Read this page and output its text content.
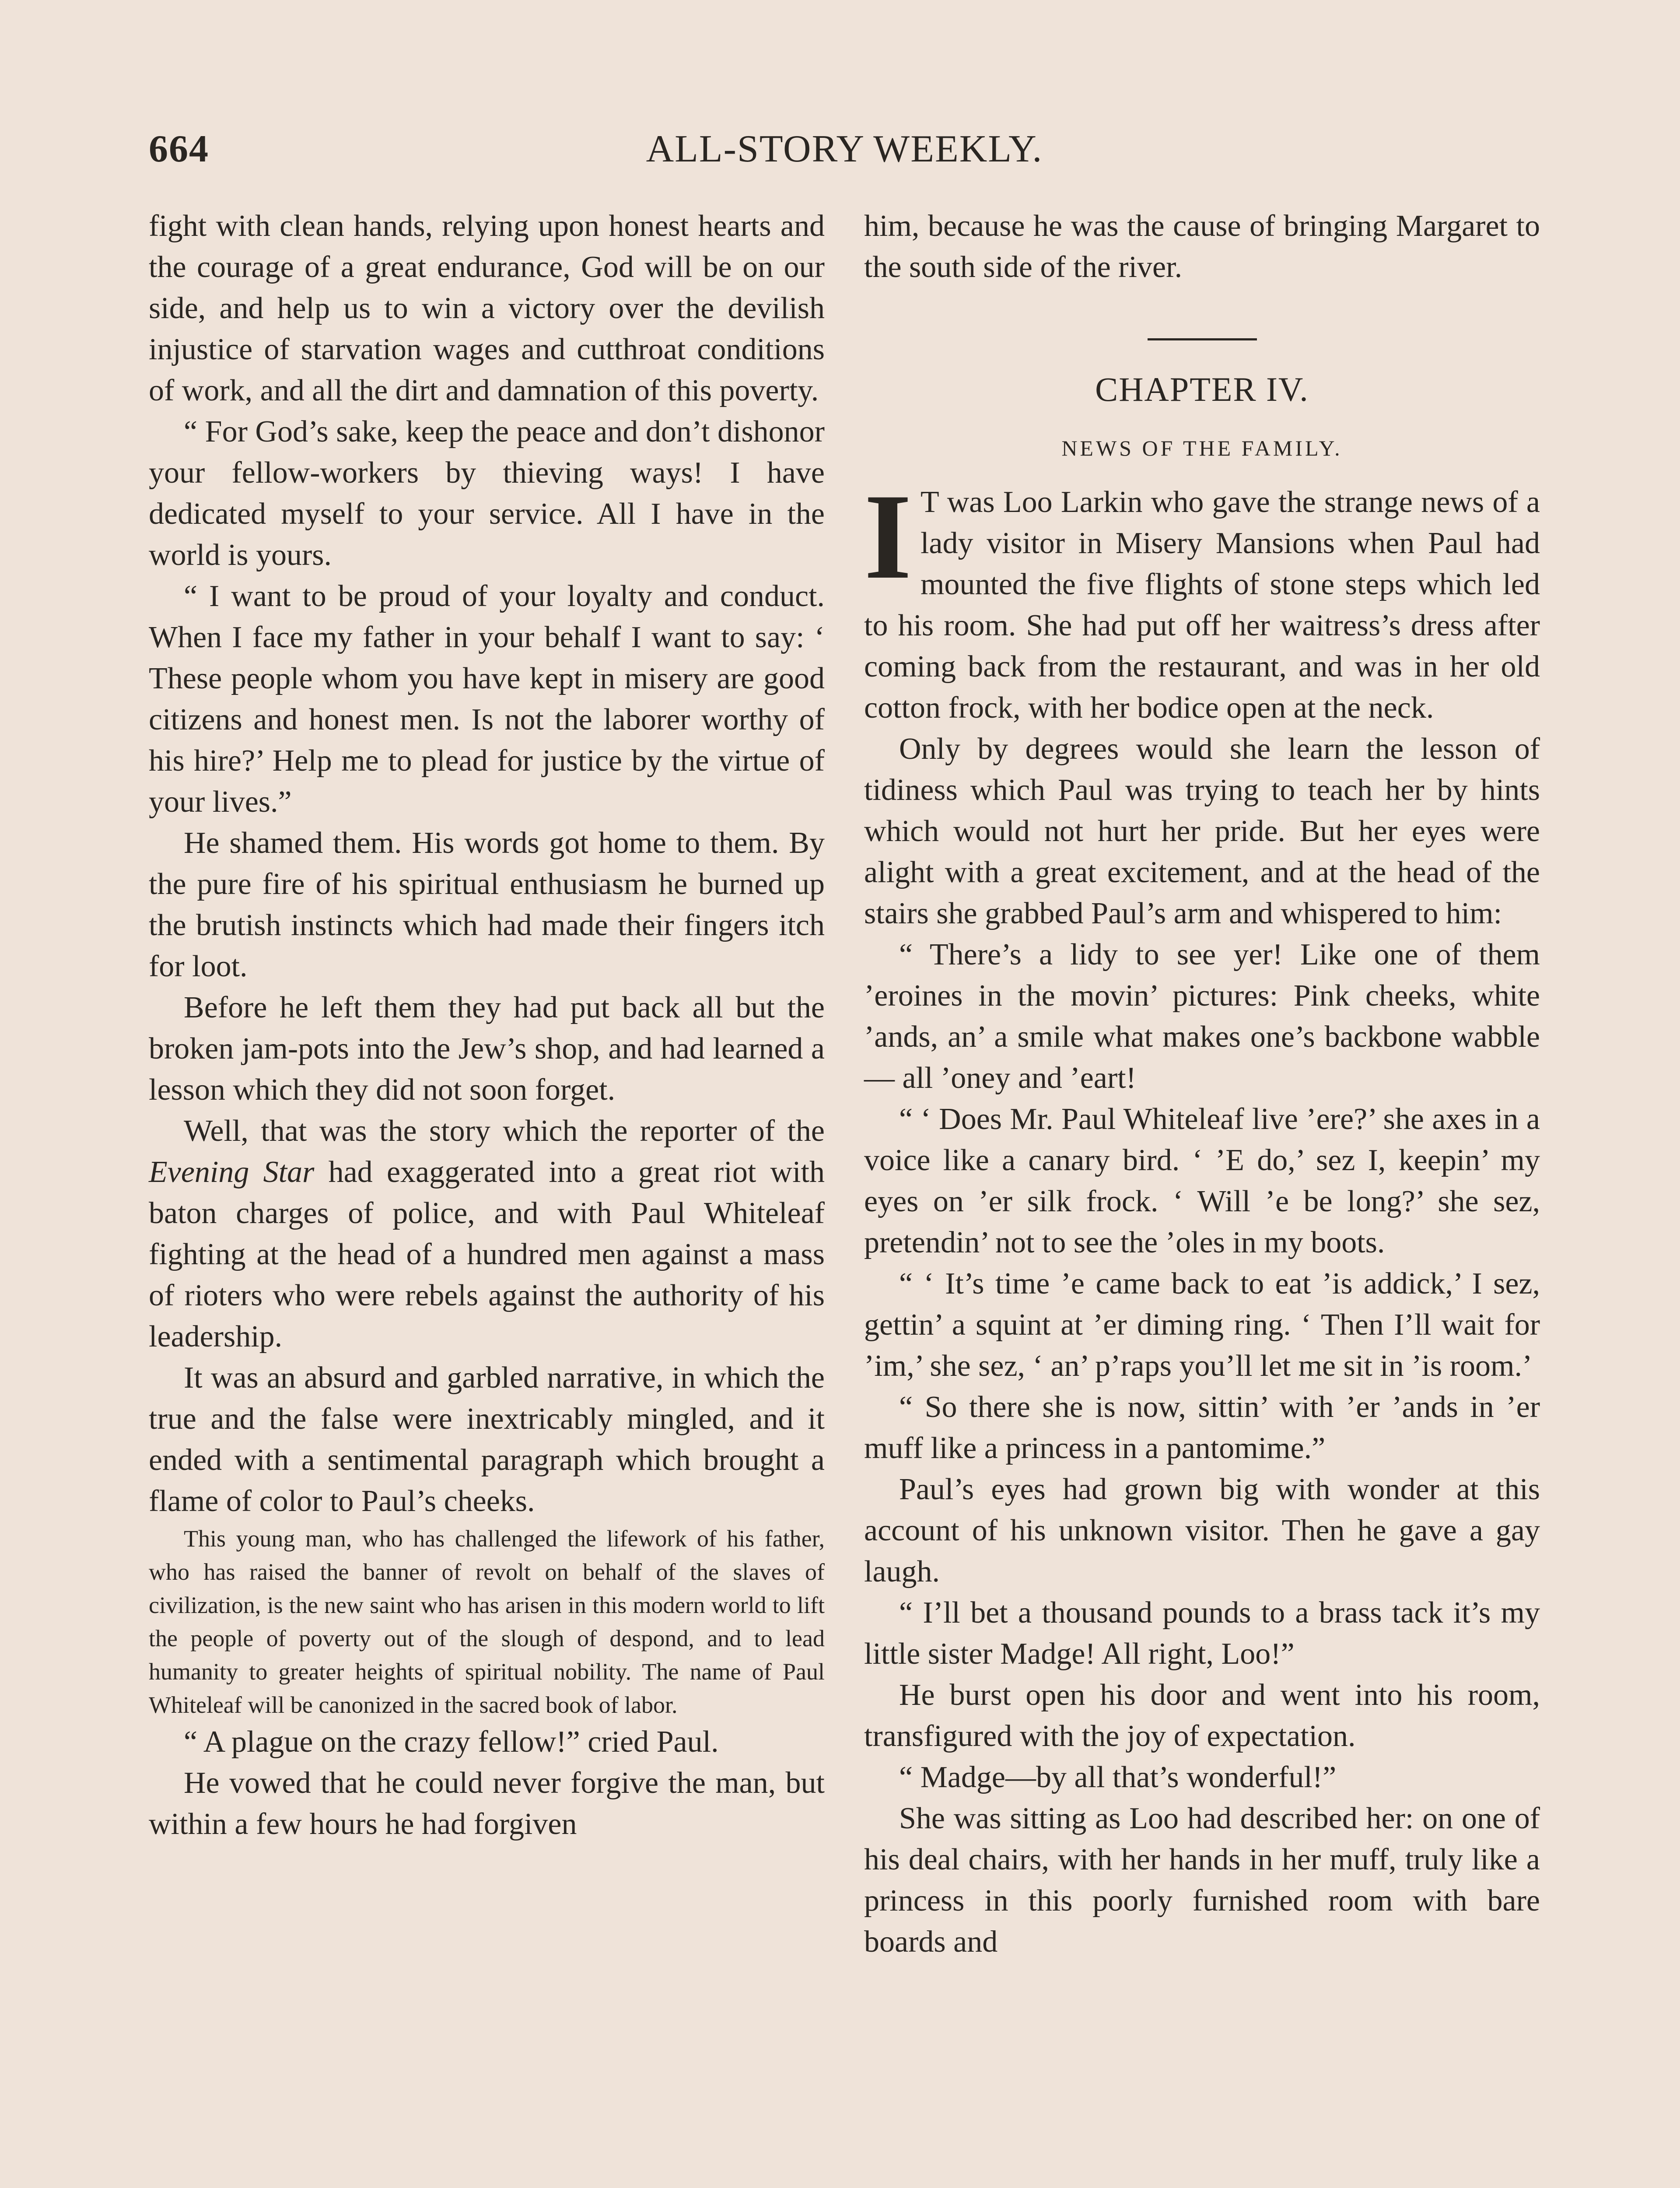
664	ALL-STORY WEEKLY.

fight with clean hands, relying upon honest hearts and the courage of a great endurance, God will be on our side, and help us to win a victory over the devilish injustice of starvation wages and cutthroat conditions of work, and all the dirt and damnation of this poverty.

“ For God’s sake, keep the peace and don’t dishonor your fellow-workers by thieving ways! I have dedicated myself to your service. All I have in the world is yours.

“ I want to be proud of your loyalty and conduct. When I face my father in your behalf I want to say: ‘ These people whom you have kept in misery are good citizens and honest men. Is not the laborer worthy of his hire?’ Help me to plead for justice by the virtue of your lives.”

He shamed them. His words got home to them. By the pure fire of his spiritual enthusiasm he burned up the brutish instincts which had made their fingers itch for loot.

Before he left them they had put back all but the broken jam-pots into the Jew’s shop, and had learned a lesson which they did not soon forget.

Well, that was the story which the reporter of the Evening Star had exaggerated into a great riot with baton charges of police, and with Paul Whiteleaf fighting at the head of a hundred men against a mass of rioters who were rebels against the authority of his leadership.

It was an absurd and garbled narrative, in which the true and the false were inextricably mingled, and it ended with a sentimental paragraph which brought a flame of color to Paul’s cheeks.

This young man, who has challenged the lifework of his father, who has raised the banner of revolt on behalf of the slaves of civilization, is the new saint who has arisen in this modern world to lift the people of poverty out of the slough of despond, and to lead humanity to greater heights of spiritual nobility. The name of Paul Whiteleaf will be canonized in the sacred book of labor.

“ A plague on the crazy fellow!” cried Paul.

He vowed that he could never forgive the man, but within a few hours he had forgiven

him, because he was the cause of bringing Margaret to the south side of the river.

CHAPTER IV.
NEWS OF THE FAMILY.

I T was Loo Larkin who gave the strange news of a lady visitor in Misery Mansions when Paul had mounted the five flights of stone steps which led to his room. She had put off her waitress’s dress after coming back from the restaurant, and was in her old cotton frock, with her bodice open at the neck.

Only by degrees would she learn the lesson of tidiness which Paul was trying to teach her by hints which would not hurt her pride. But her eyes were alight with a great excitement, and at the head of the stairs she grabbed Paul’s arm and whispered to him:

“ There’s a lidy to see yer! Like one of them ’eroines in the movin’ pictures: Pink cheeks, white ’ands, an’ a smile what makes one’s backbone wabble — all ’oney and ’eart!

“ ‘ Does Mr. Paul Whiteleaf live ’ere?’ she axes in a voice like a canary bird. ‘ ’E do,’ sez I, keepin’ my eyes on ’er silk frock. ‘ Will ’e be long?’ she sez, pretendin’ not to see the ’oles in my boots.

“ ‘ It’s time ’e came back to eat ’is addick,’ I sez, gettin’ a squint at ’er diming ring. ‘ Then I’ll wait for ’im,’ she sez, ‘ an’ p’raps you’ll let me sit in ’is room.’

“ So there she is now, sittin’ with ’er ’ands in ’er muff like a princess in a pantomime.”

Paul’s eyes had grown big with wonder at this account of his unknown visitor. Then he gave a gay laugh.

“ I’ll bet a thousand pounds to a brass tack it’s my little sister Madge! All right, Loo!”

He burst open his door and went into his room, transfigured with the joy of expectation.

“ Madge—by all that’s wonderful!”

She was sitting as Loo had described her: on one of his deal chairs, with her hands in her muff, truly like a princess in this poorly furnished room with bare boards and
